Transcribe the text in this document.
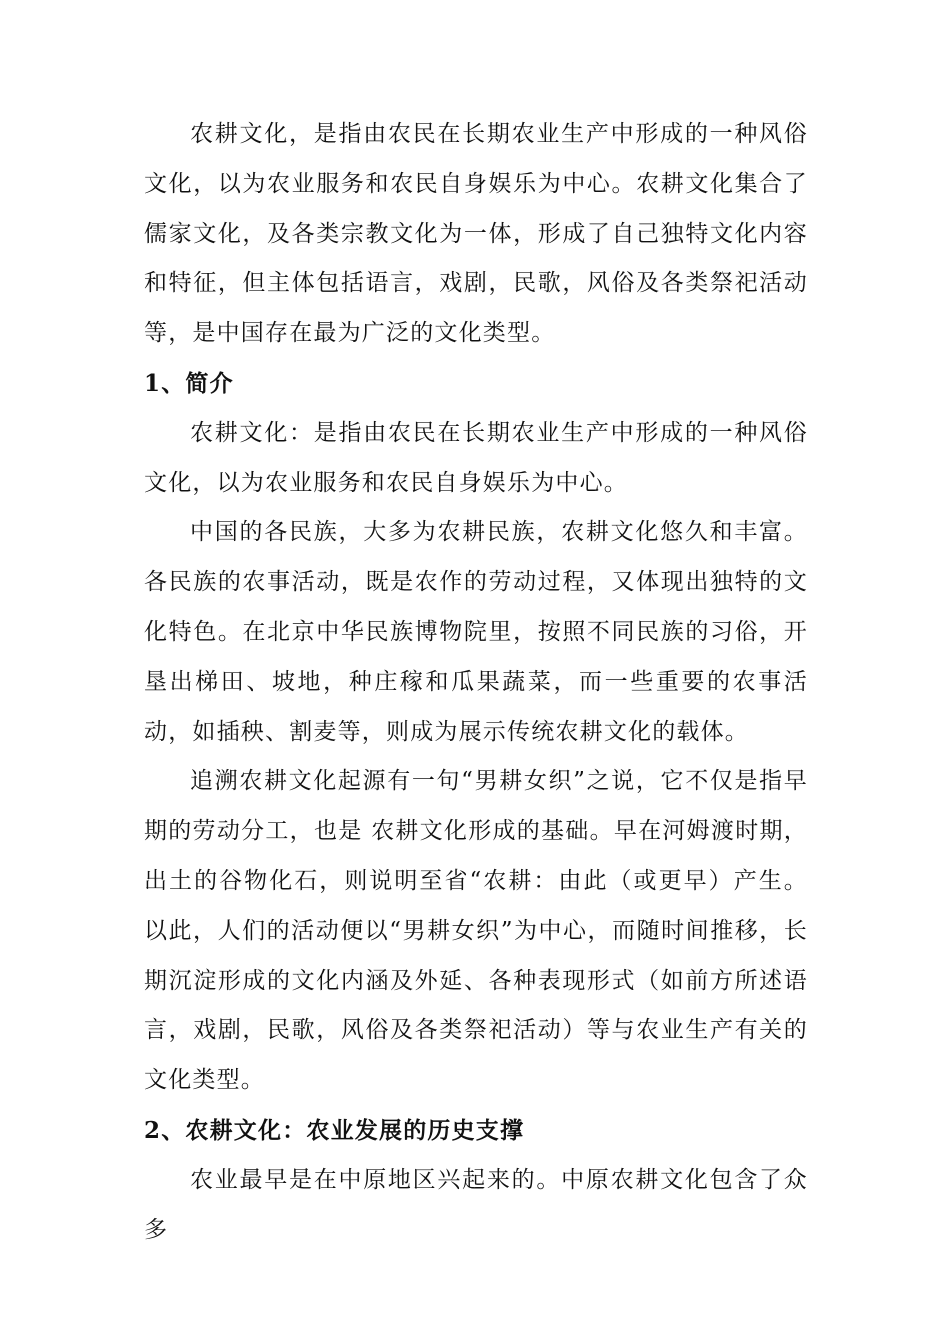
农耕文化，是指由农民在长期农业生产中形成的一种风俗文化，以为农业服务和农民自身娱乐为中心。农耕文化集合了儒家文化，及各类宗教文化为一体，形成了自己独特文化内容和特征，但主体包括语言，戏剧，民歌，风俗及各类祭祀活动等，是中国存在最为广泛的文化类型。

1、简介

农耕文化：是指由农民在长期农业生产中形成的一种风俗文化，以为农业服务和农民自身娱乐为中心。

中国的各民族，大多为农耕民族，农耕文化悠久和丰富。各民族的农事活动，既是农作的劳动过程，又体现出独特的文化特色。在北京中华民族博物院里，按照不同民族的习俗，开垦出梯田、坡地，种庄稼和瓜果蔬菜，而一些重要的农事活动，如插秧、割麦等，则成为展示传统农耕文化的载体。

追溯农耕文化起源有一句“男耕女织”之说，它不仅是指早期的劳动分工，也是 农耕文化形成的基础。早在河姆渡时期，出土的谷物化石，则说明至省“农耕：由此（或更早）产生。以此，人们的活动便以“男耕女织”为中心，而随时间推移，长期沉淀形成的文化内涵及外延、各种表现形式（如前方所述语言，戏剧，民歌，风俗及各类祭祀活动）等与农业生产有关的文化类型。

2、农耕文化：农业发展的历史支撑

农业最早是在中原地区兴起来的。中原农耕文化包含了众多
